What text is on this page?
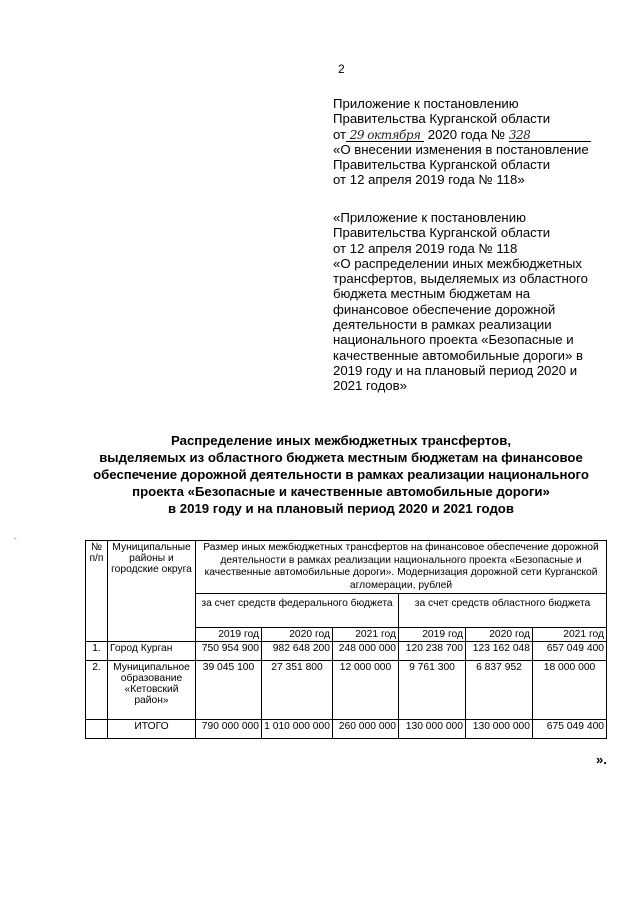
2
Приложение к постановлению
Правительства Курганской области
от 29 октября 2020 года № 328
«О внесении изменения в постановление
Правительства Курганской области
от 12 апреля 2019 года № 118»
«Приложение к постановлению
Правительства Курганской области
от 12 апреля 2019 года № 118
«О распределении иных межбюджетных
трансфертов, выделяемых из областного
бюджета местным бюджетам на
финансовое обеспечение дорожной
деятельности в рамках реализации
национального проекта «Безопасные и
качественные автомобильные дороги» в
2019 году и на плановый период 2020 и
2021 годов»
Распределение иных межбюджетных трансфертов,
выделяемых из областного бюджета местным бюджетам на финансовое
обеспечение дорожной деятельности в рамках реализации национального
проекта «Безопасные и качественные автомобильные дороги»
в 2019 году и на плановый период 2020 и 2021 годов
-
№ п/п	Муниципальные районы и городские округа	Размер иных межбюджетных трансфертов на финансовое обеспечение дорожной деятельности в рамках реализации национального проекта «Безопасные и качественные автомобильные дороги». Модернизация дорожной сети Курганской агломерации, рублей					
		за счет средств федерального бюджета			за счет средств областного бюджета		
		2019 год	2020 год	2021 год	2019 год	2020 год	2021 год
1.	Город Курган	750 954 900	982 648 200	248 000 000	120 238 700	123 162 048	657 049 400
2.	Муниципальное образование «Кетовский район»	39 045 100	27 351 800	12 000 000	9 761 300	6 837 952	18 000 000
	ИТОГО	790 000 000	1 010 000 000	260 000 000	130 000 000	130 000 000	675 049 400
».
